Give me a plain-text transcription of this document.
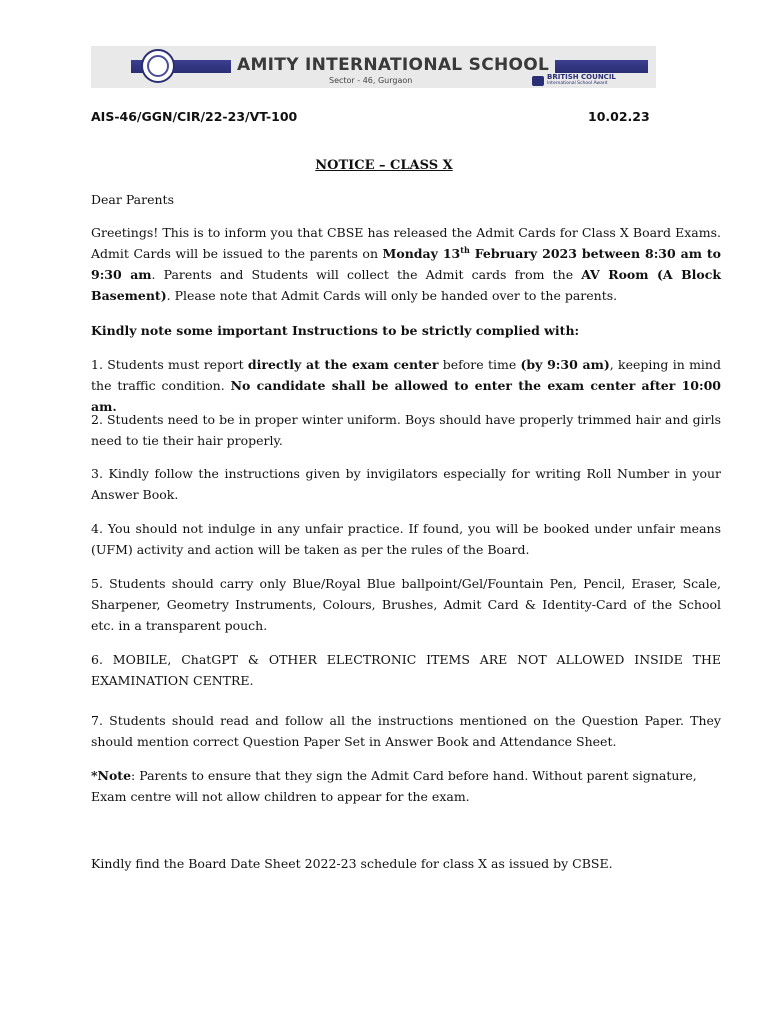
AMITY INTERNATIONAL SCHOOL
Sector - 46, Gurgaon	BRITISH COUNCIL
International School Award
AIS-46/GGN/CIR/22-23/VT-100	10.02.23
NOTICE – CLASS X
Dear Parents
Greetings! This is to inform you that CBSE has released the Admit Cards for Class X Board Exams. Admit Cards will be issued to the parents on Monday 13th February 2023 between 8:30 am to 9:30 am. Parents and Students will collect the Admit cards from the AV Room (A Block Basement). Please note that Admit Cards will only be handed over to the parents.
Kindly note some important Instructions to be strictly complied with:
1. Students must report directly at the exam center before time (by 9:30 am), keeping in mind the traffic condition. No candidate shall be allowed to enter the exam center after 10:00 am.
2. Students need to be in proper winter uniform. Boys should have properly trimmed hair and girls need to tie their hair properly.
3. Kindly follow the instructions given by invigilators especially for writing Roll Number in your Answer Book.
4. You should not indulge in any unfair practice. If found, you will be booked under unfair means (UFM) activity and action will be taken as per the rules of the Board.
5. Students should carry only Blue/Royal Blue ballpoint/Gel/Fountain Pen, Pencil, Eraser, Scale, Sharpener, Geometry Instruments, Colours, Brushes, Admit Card & Identity-Card of the School etc. in a transparent pouch.
6. MOBILE, ChatGPT & OTHER ELECTRONIC ITEMS ARE NOT ALLOWED INSIDE THE EXAMINATION CENTRE.
7. Students should read and follow all the instructions mentioned on the Question Paper. They should mention correct Question Paper Set in Answer Book and Attendance Sheet.
*Note: Parents to ensure that they sign the Admit Card before hand. Without parent signature,
Exam centre will not allow children to appear for the exam.
Kindly find the Board Date Sheet 2022-23 schedule for class X as issued by CBSE.
